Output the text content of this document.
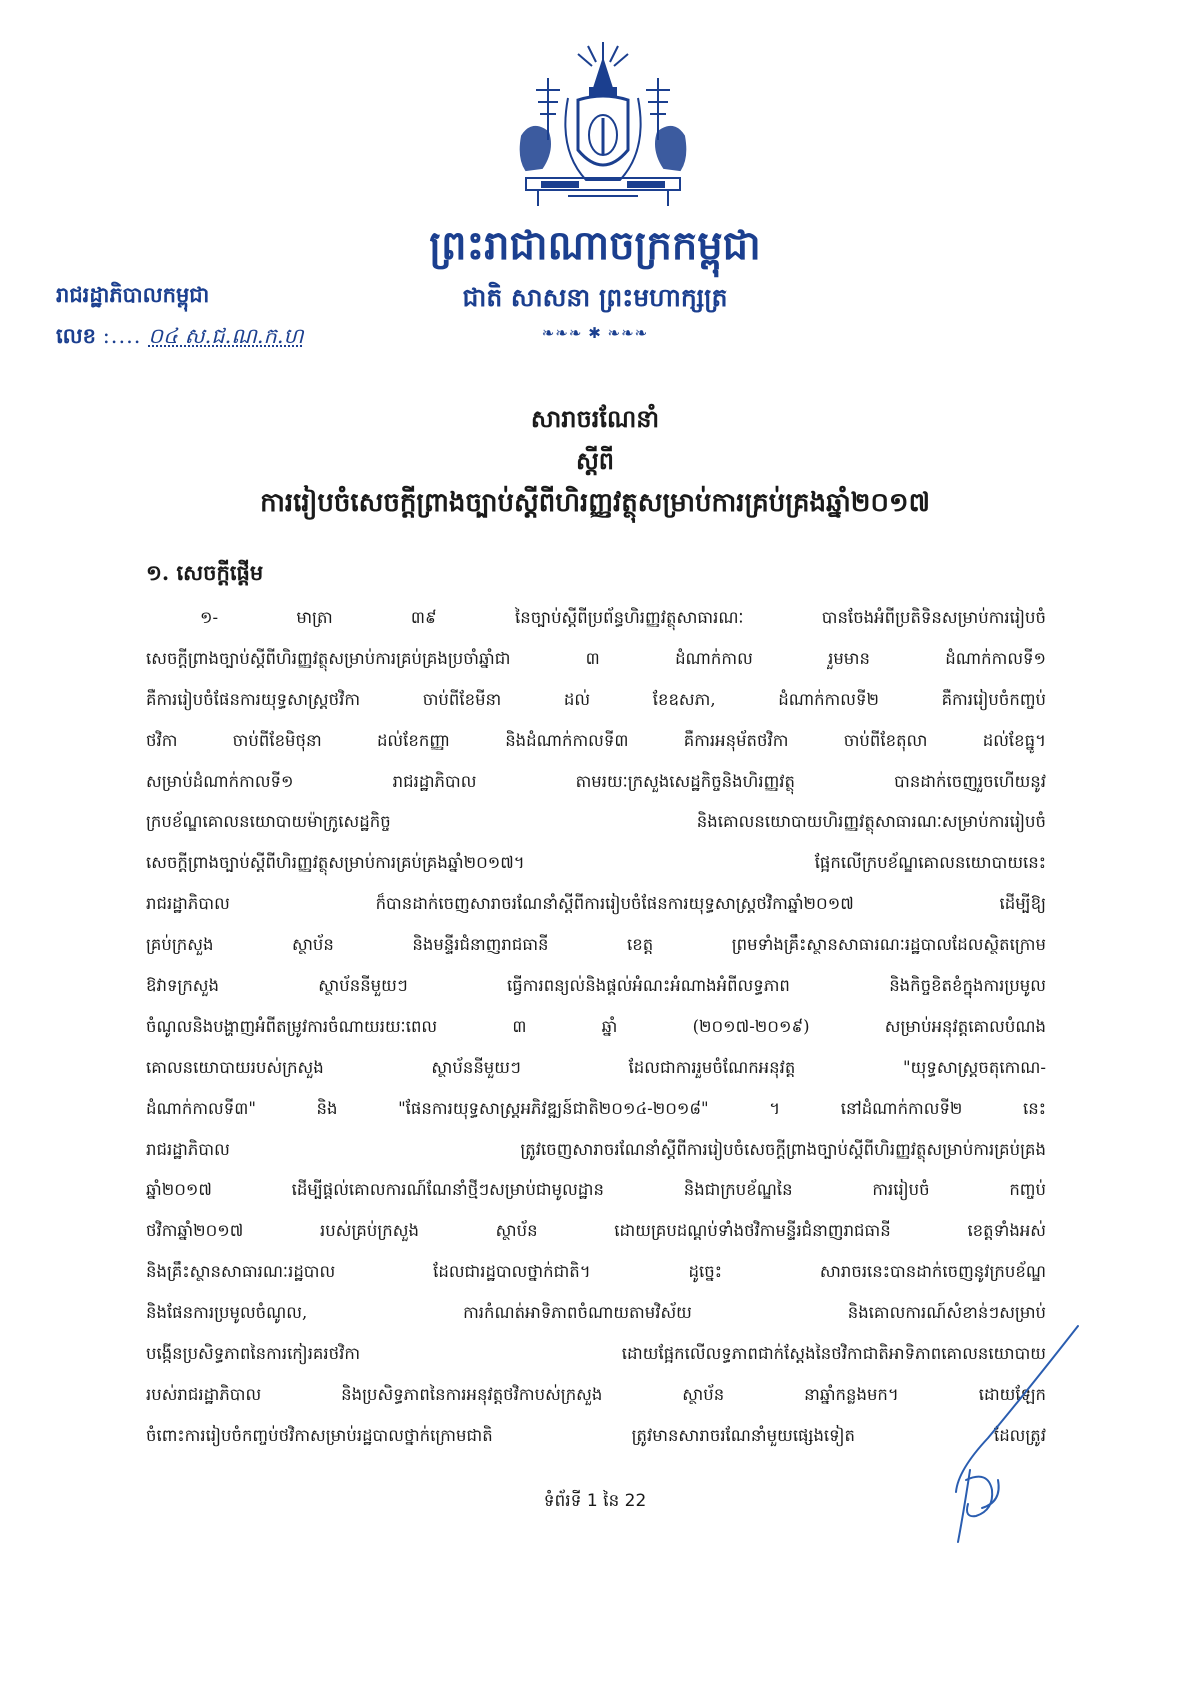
ព្រះរាជាណាចក្រកម្ពុជា
ជាតិ សាសនា ព្រះមហាក្សត្រ
❧❧❧ ✱ ❧❧❧
រាជរដ្ឋាភិបាលកម្ពុជា
លេខ :.... ០៤ ស.ជ.ណ.ក.ហ
សារាចរណែនាំ
ស្តីពី
ការរៀបចំសេចក្តីព្រាងច្បាប់ស្តីពីហិរញ្ញវត្ថុសម្រាប់ការគ្រប់គ្រងឆ្នាំ២០១៧
១. សេចក្តីផ្តើម
១- មាត្រា ៣៩ នៃច្បាប់ស្តីពីប្រព័ន្ធហិរញ្ញវត្ថុសាធារណៈ បានចែងអំពីប្រតិទិនសម្រាប់ការរៀបចំ
សេចក្តីព្រាងច្បាប់ស្តីពីហិរញ្ញវត្ថុសម្រាប់ការគ្រប់គ្រងប្រចាំឆ្នាំជា ៣ ដំណាក់កាល រួមមាន ដំណាក់កាលទី១
គឺការរៀបចំផែនការយុទ្ធសាស្ត្រថវិកា ចាប់ពីខែមីនា ដល់ ខែឧសភា, ដំណាក់កាលទី២ គឺការរៀបចំកញ្ចប់
ថវិកា ចាប់ពីខែមិថុនា ដល់ខែកញ្ញា និងដំណាក់កាលទី៣ គឺការអនុម័តថវិកា ចាប់ពីខែតុលា ដល់ខែធ្នូ។
សម្រាប់ដំណាក់កាលទី១ រាជរដ្ឋាភិបាល តាមរយៈក្រសួងសេដ្ឋកិច្ចនិងហិរញ្ញវត្ថុ បានដាក់ចេញរួចហើយនូវ
ក្របខ័ណ្ឌគោលនយោបាយម៉ាក្រូសេដ្ឋកិច្ច និងគោលនយោបាយហិរញ្ញវត្ថុសាធារណៈសម្រាប់ការរៀបចំ
សេចក្តីព្រាងច្បាប់ស្តីពីហិរញ្ញវត្ថុសម្រាប់ការគ្រប់គ្រងឆ្នាំ២០១៧។ ផ្អែកលើក្របខ័ណ្ឌគោលនយោបាយនេះ
រាជរដ្ឋាភិបាល ក៏បានដាក់ចេញសារាចរណែនាំស្តីពីការរៀបចំផែនការយុទ្ធសាស្ត្រថវិកាឆ្នាំ២០១៧ ដើម្បីឱ្យ
គ្រប់ក្រសួង ស្ថាប័ន និងមន្ទីរជំនាញរាជធានី ខេត្ត ព្រមទាំងគ្រឹះស្ថានសាធារណៈរដ្ឋបាលដែលស្ថិតក្រោម
ឱវាទក្រសួង ស្ថាប័ននីមួយៗ ធ្វើការពន្យល់និងផ្តល់អំណះអំណាងអំពីលទ្ធភាព និងកិច្ចខិតខំក្នុងការប្រមូល
ចំណូលនិងបង្ហាញអំពីតម្រូវការចំណាយរយៈពេល ៣ ឆ្នាំ (២០១៧-២០១៩) សម្រាប់អនុវត្តគោលបំណង
គោលនយោបាយរបស់ក្រសួង ស្ថាប័ននីមួយៗ ដែលជាការរួមចំណែកអនុវត្ត "យុទ្ធសាស្ត្រចតុកោណ-
ដំណាក់កាលទី៣" និង "ផែនការយុទ្ធសាស្ត្រអភិវឌ្ឍន៍ជាតិ២០១៤-២០១៨" ។ នៅដំណាក់កាលទី២ នេះ
រាជរដ្ឋាភិបាល ត្រូវចេញសារាចរណែនាំស្តីពីការរៀបចំសេចក្តីព្រាងច្បាប់ស្តីពីហិរញ្ញវត្ថុសម្រាប់ការគ្រប់គ្រង
ឆ្នាំ២០១៧ ដើម្បីផ្តល់គោលការណ៍ណែនាំថ្មីៗសម្រាប់ជាមូលដ្ឋាន និងជាក្របខ័ណ្ឌនៃ ការរៀបចំ កញ្ចប់
ថវិកាឆ្នាំ២០១៧ របស់គ្រប់ក្រសួង ស្ថាប័ន ដោយគ្របដណ្តប់ទាំងថវិកាមន្ទីរជំនាញរាជធានី ខេត្តទាំងអស់
និងគ្រឹះស្ថានសាធារណៈរដ្ឋបាល ដែលជារដ្ឋបាលថ្នាក់ជាតិ។ ដូច្នេះ សារាចរនេះបានដាក់ចេញនូវក្របខ័ណ្ឌ
និងផែនការប្រមូលចំណូល, ការកំណត់អាទិភាពចំណាយតាមវិស័យ និងគោលការណ៍សំខាន់ៗសម្រាប់
បង្កើនប្រសិទ្ធភាពនៃការកៀរគរថវិកា ដោយផ្អែកលើលទ្ធភាពជាក់ស្តែងនៃថវិកាជាតិអាទិភាពគោលនយោបាយ
របស់រាជរដ្ឋាភិបាល និងប្រសិទ្ធភាពនៃការអនុវត្តថវិកាបស់ក្រសួង ស្ថាប័ន នាឆ្នាំកន្លងមក។ ដោយឡែក
ចំពោះការរៀបចំកញ្ចប់ថវិកាសម្រាប់រដ្ឋបាលថ្នាក់ក្រោមជាតិ ត្រូវមានសារាចរណែនាំមួយផ្សេងទៀត ដែលត្រូវ
ទំព័រទី 1 នៃ 22
